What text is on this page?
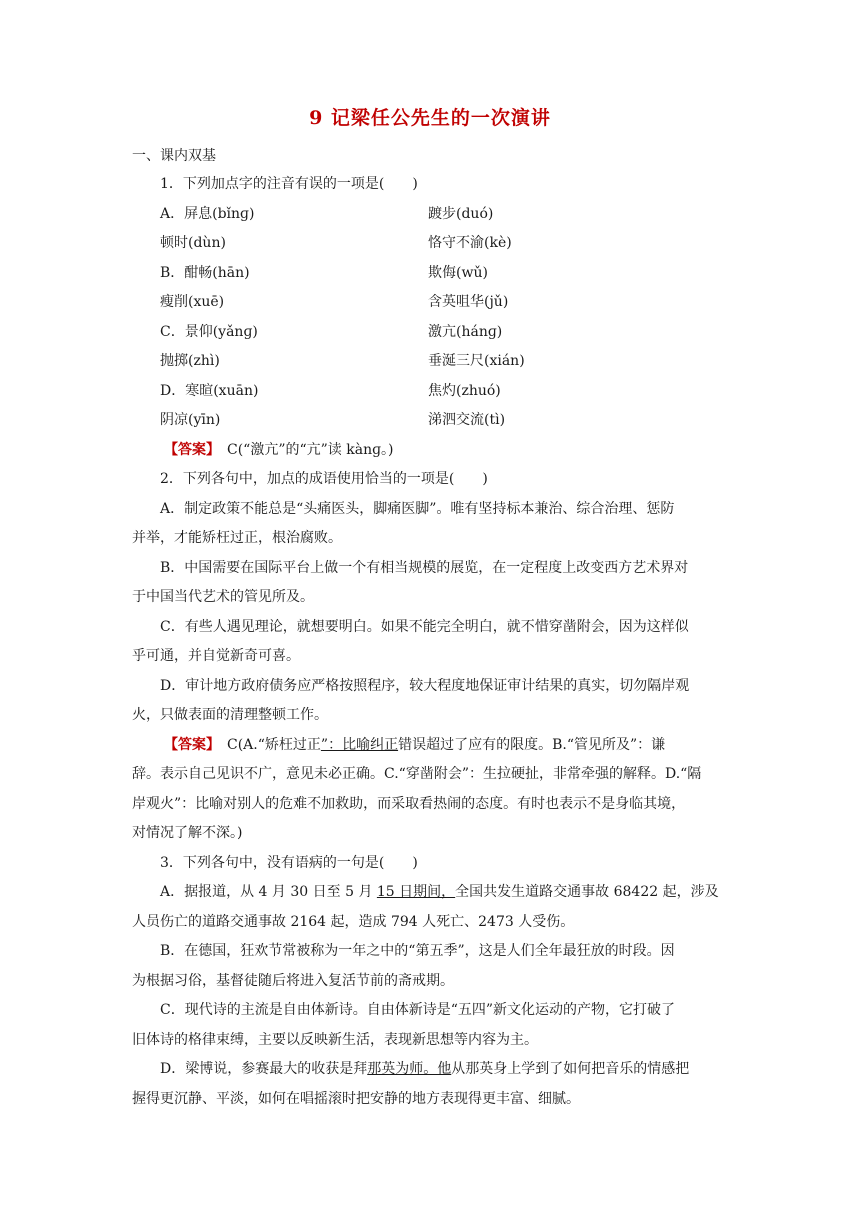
9 记梁任公先生的一次演讲
一、课内双基
1．下列加点字的注音有误的一项是(　　)
A．屏息(bǐnɡ)	踱步(duó)
顿时(dùn)	恪守不渝(kè)
B．酣畅(hān)	欺侮(wǔ)
瘦削(xuē)	含英咀华(jǔ)
C．景仰(yǎnɡ)	激亢(hánɡ)
抛掷(zhì)	垂涎三尺(xián)
D．寒暄(xuān)	焦灼(zhuó)
阴凉(yīn)	涕泗交流(tì)
【答案】　 C(“激亢”的“亢”读 kànɡ。)
2．下列各句中，加点的成语使用恰当的一项是(　　)
A．制定政策不能总是“头痛医头，脚痛医脚”。唯有坚持标本兼治、综合治理、惩防
并举，才能矫枉过正，根治腐败。
B．中国需要在国际平台上做一个有相当规模的展览，在一定程度上改变西方艺术界对
于中国当代艺术的管见所及。
C．有些人遇见理论，就想要明白。如果不能完全明白，就不惜穿凿附会，因为这样似
乎可通，并自觉新奇可喜。
D．审计地方政府债务应严格按照程序，较大程度地保证审计结果的真实，切勿隔岸观
火，只做表面的清理整顿工作。
【答案】　 C(A.“矫枉过正”：比喻纠正错误超过了应有的限度。B.“管见所及”：谦
辞。表示自己见识不广，意见未必正确。C.“穿凿附会”：生拉硬扯，非常牵强的解释。D.“隔
岸观火”：比喻对别人的危难不加救助，而采取看热闹的态度。有时也表示不是身临其境，
对情况了解不深。)
3．下列各句中，没有语病的一句是(　　)
A．据报道，从 4 月 30 日至 5 月 15 日期间，全国共发生道路交通事故 68422 起，涉及
人员伤亡的道路交通事故 2164 起，造成 794 人死亡、2473 人受伤。
B．在德国，狂欢节常被称为一年之中的“第五季”，这是人们全年最狂放的时段。因
为根据习俗，基督徒随后将进入复活节前的斋戒期。
C．现代诗的主流是自由体新诗。自由体新诗是“五四”新文化运动的产物，它打破了
旧体诗的格律束缚，主要以反映新生活，表现新思想等内容为主。
D．梁博说，参赛最大的收获是拜那英为师。他从那英身上学到了如何把音乐的情感把
握得更沉静、平淡，如何在唱摇滚时把安静的地方表现得更丰富、细腻。
